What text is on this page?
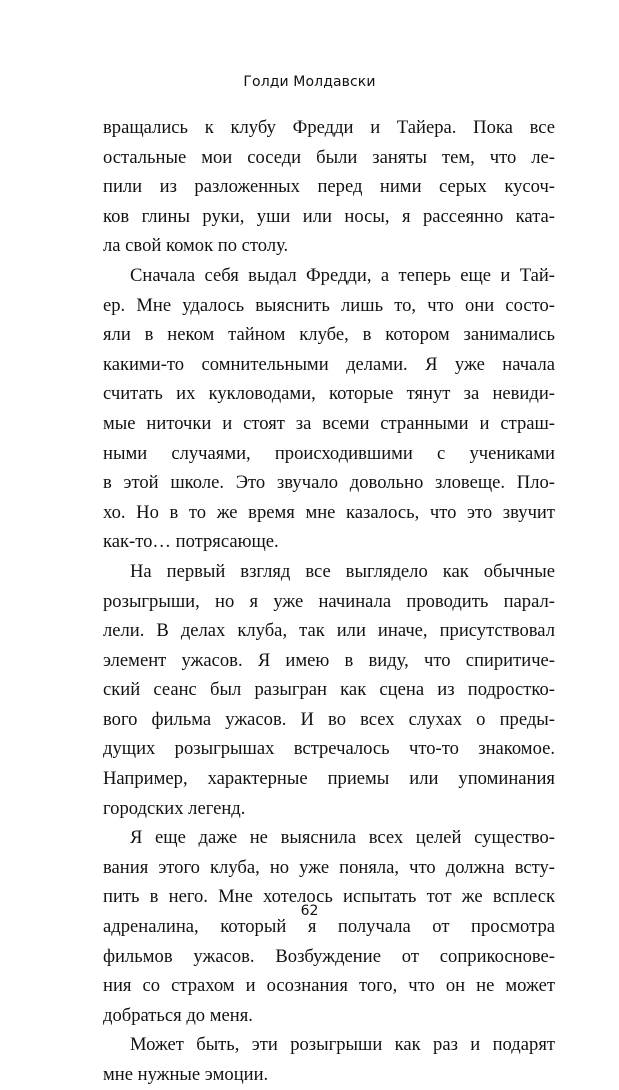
Голди Молдавски

вращались к клубу Фредди и Тайера. Пока все
остальные мои соседи были заняты тем, что ле-
пили из разложенных перед ними серых кусоч-
ков глины руки, уши или носы, я рассеянно ката-
ла свой комок по столу.
Сначала себя выдал Фредди, а теперь еще и Тай-
ер. Мне удалось выяснить лишь то, что они состо-
яли в неком тайном клубе, в котором занимались
какими-то сомнительными делами. Я уже начала
считать их кукловодами, которые тянут за невиди-
мые ниточки и стоят за всеми странными и страш-
ными случаями, происходившими с учениками
в этой школе. Это звучало довольно зловеще. Пло-
хо. Но в то же время мне казалось, что это звучит
как-то… потрясающе.
На первый взгляд все выглядело как обычные
розыгрыши, но я уже начинала проводить парал-
лели. В делах клуба, так или иначе, присутствовал
элемент ужасов. Я имею в виду, что спиритиче-
ский сеанс был разыгран как сцена из подростко-
вого фильма ужасов. И во всех слухах о преды-
дущих розыгрышах встречалось что-то знакомое.
Например, характерные приемы или упоминания
городских легенд.
Я еще даже не выяснила всех целей существо-
вания этого клуба, но уже поняла, что должна всту-
пить в него. Мне хотелось испытать тот же всплеск
адреналина, который я получала от просмотра
фильмов ужасов. Возбуждение от соприкоснове-
ния со страхом и осознания того, что он не может
добраться до меня.
Может быть, эти розыгрыши как раз и подарят
мне нужные эмоции.

62
